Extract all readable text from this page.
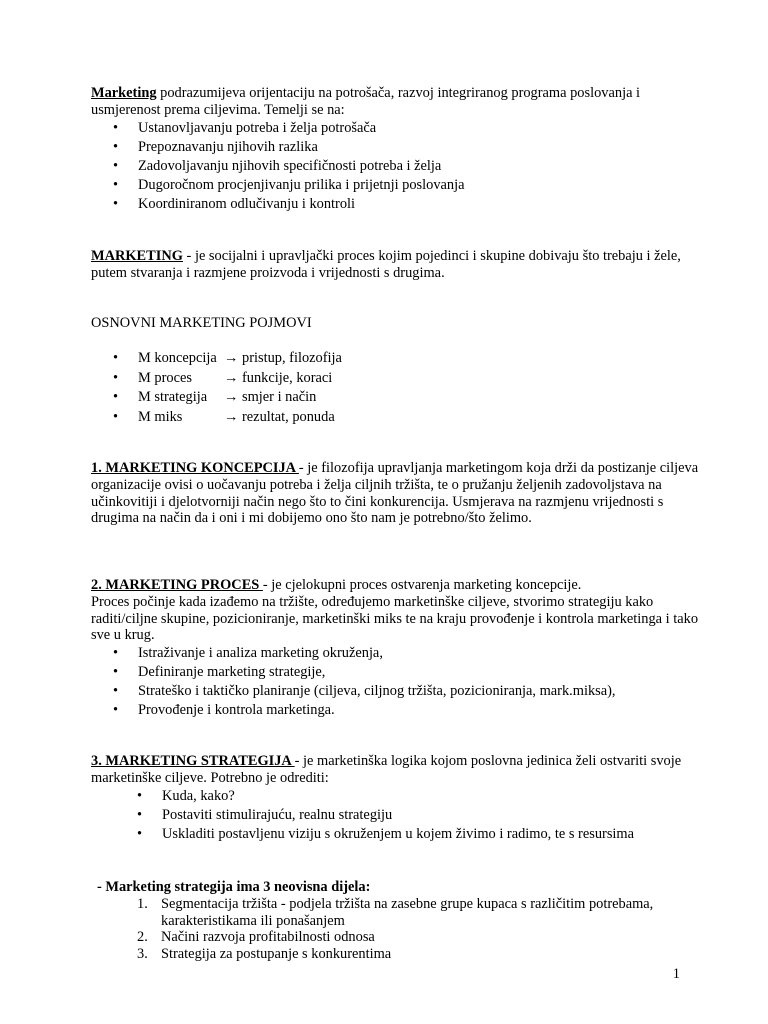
Marketing podrazumijeva orijentaciju na potrošača, razvoj integriranog programa poslovanja i usmjerenost prema ciljevima. Temelji se na:

• Ustanovljavanju potreba i želja potrošača
• Prepoznavanju njihovih razlika
• Zadovoljavanju njihovih specifičnosti potreba i želja
• Dugoročnom procjenjivanju prilika i prijetnji poslovanja
• Koordiniranom odlučivanju i kontroli

MARKETING - je socijalni i upravljački proces kojim pojedinci i skupine dobivaju što trebaju i žele, putem stvaranja i razmjene proizvoda i vrijednosti s drugima.

OSNOVNI MARKETING POJMOVI

• M koncepcija → pristup, filozofija
• M proces → funkcije, koraci
• M strategija → smjer i način
• M miks	→ rezultat, ponuda

1. MARKETING KONCEPCIJA - je filozofija upravljanja marketingom koja drži da postizanje ciljeva organizacije ovisi o uočavanju potreba i želja ciljnih tržišta, te o pružanju željenih zadovoljstava na učinkovitiji i djelotvorniji način nego što to čini konkurencija. Usmjerava na razmjenu vrijednosti s drugima na način da i oni i mi dobijemo ono što nam je potrebno/što želimo.

2. MARKETING PROCES - je cjelokupni proces ostvarenja marketing koncepcije.

Proces počinje kada izađemo na tržište, određujemo marketinške ciljeve, stvorimo strategiju kako raditi/ciljne skupine, pozicioniranje, marketinški miks te na kraju provođenje i kontrola marketinga i tako sve u krug.

• Istraživanje i analiza marketing okruženja,
• Definiranje marketing strategije,
• Strateško i taktičko planiranje (ciljeva, ciljnog tržišta, pozicioniranja, mark.miksa),
• Provođenje i kontrola marketinga.

3. MARKETING STRATEGIJA - je marketinška logika kojom poslovna jedinica želi ostvariti svoje marketinške ciljeve. Potrebno je odrediti:

• Kuda, kako?
• Postaviti stimulirajuću, realnu strategiju
• Uskladiti postavljenu viziju s okruženjem u kojem živimo i radimo, te s resursima

- Marketing strategija ima 3 neovisna dijela:

1. Segmentacija tržišta - podjela tržišta na zasebne grupe kupaca s različitim potrebama, karakteristikama ili ponašanjem
2. Načini razvoja profitabilnosti odnosa
3. Strategija za postupanje s konkurentima
1
